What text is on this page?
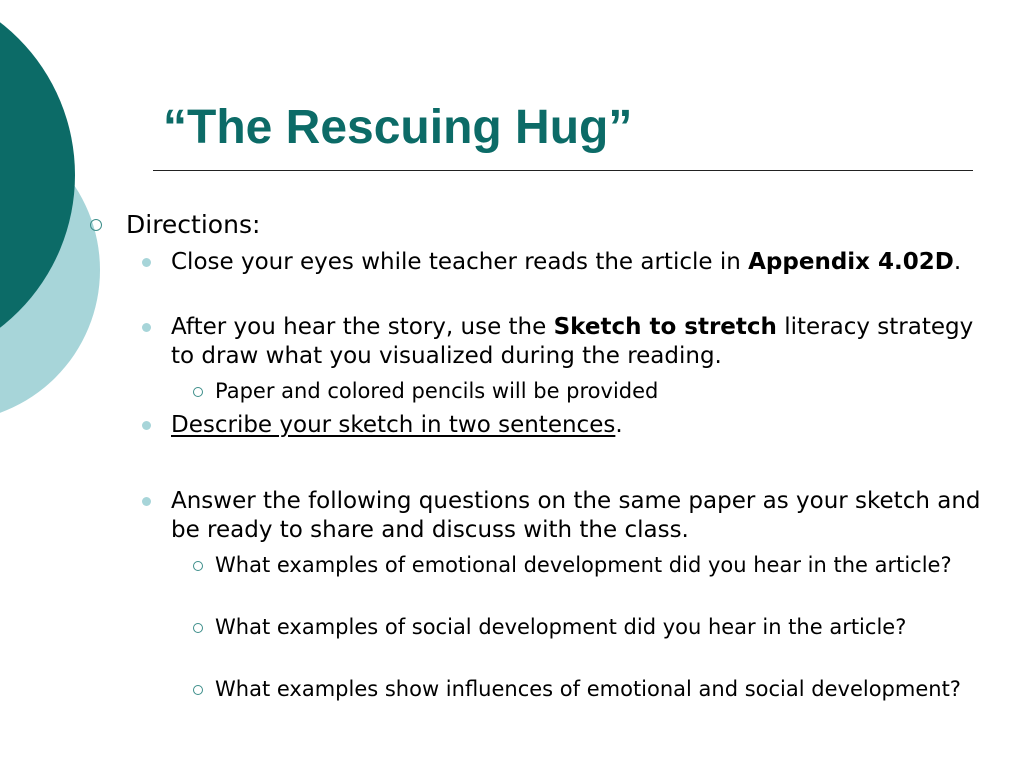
“The Rescuing Hug”
Directions:
Close your eyes while teacher reads the article in Appendix 4.02D.
After you hear the story, use the Sketch to stretch literacy strategy to draw what you visualized during the reading.
Paper and colored pencils will be provided
Describe your sketch in two sentences.
Answer the following questions on the same paper as your sketch and be ready to share and discuss with the class.
What examples of emotional development did you hear in the article?
What examples of social development did you hear in the article?
What examples show influences of emotional and social development?
